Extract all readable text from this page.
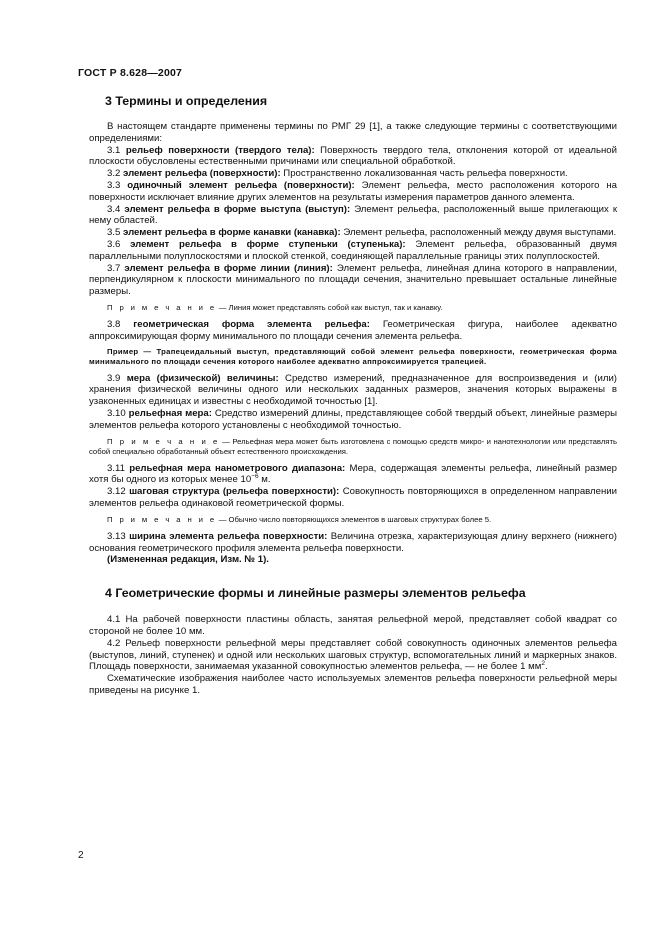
ГОСТ Р 8.628—2007
3 Термины и определения

В настоящем стандарте применены термины по РМГ 29 [1], а также следующие термины с соответствующими определениями:

3.1 рельеф поверхности (твердого тела): Поверхность твердого тела, отклонения которой от идеальной плоскости обусловлены естественными причинами или специальной обработкой.

3.2 элемент рельефа (поверхности): Пространственно локализованная часть рельефа поверхности.

3.3 одиночный элемент рельефа (поверхности): Элемент рельефа, место расположения которого на поверхности исключает влияние других элементов на результаты измерения параметров данного элемента.

3.4 элемент рельефа в форме выступа (выступ): Элемент рельефа, расположенный выше прилегающих к нему областей.

3.5 элемент рельефа в форме канавки (канавка): Элемент рельефа, расположенный между двумя выступами.

3.6 элемент рельефа в форме ступеньки (ступенька): Элемент рельефа, образованный двумя параллельными полуплоскостями и плоской стенкой, соединяющей параллельные границы этих полуплоскостей.

3.7 элемент рельефа в форме линии (линия): Элемент рельефа, линейная длина которого в направлении, перпендикулярном к плоскости минимального по площади сечения, значительно превышает остальные линейные размеры.

П р и м е ч а н и е — Линия может представлять собой как выступ, так и канавку.

3.8 геометрическая форма элемента рельефа: Геометрическая фигура, наиболее адекватно аппроксимирующая форму минимального по площади сечения элемента рельефа.

Пример — Трапецеидальный выступ, представляющий собой элемент рельефа поверхности, геометрическая форма минимального по площади сечения которого наиболее адекватно аппроксимируется трапецией.

3.9 мера (физической) величины: Средство измерений, предназначенное для воспроизведения и (или) хранения физической величины одного или нескольких заданных размеров, значения которых выражены в узаконенных единицах и известны с необходимой точностью [1].

3.10 рельефная мера: Средство измерений длины, представляющее собой твердый объект, линейные размеры элементов рельефа которого установлены с необходимой точностью.

П р и м е ч а н и е — Рельефная мера может быть изготовлена с помощью средств микро- и нанотехнологии или представлять собой специально обработанный объект естественного происхождения.

3.11 рельефная мера нанометрового диапазона: Мера, содержащая элементы рельефа, линейный размер хотя бы одного из которых менее $10^{-6}$ м.

3.12 шаговая структура (рельефа поверхности): Совокупность повторяющихся в определенном направлении элементов рельефа одинаковой геометрической формы.

П р и м е ч а н и е — Обычно число повторяющихся элементов в шаговых структурах более 5.

3.13 ширина элемента рельефа поверхности: Величина отрезка, характеризующая длину верхнего (нижнего) основания геометрического профиля элемента рельефа поверхности.

(Измененная редакция, Изм. № 1).

4 Геометрические формы и линейные размеры элементов рельефа

4.1 На рабочей поверхности пластины область, занятая рельефной мерой, представляет собой квадрат со стороной не более 10 мм.

4.2 Рельеф поверхности рельефной меры представляет собой совокупность одиночных элементов рельефа (выступов, линий, ступенек) и одной или нескольких шаговых структур, вспомогательных линий и маркерных знаков. Площадь поверхности, занимаемая указанной совокупностью элементов рельефа, — не более 1 $мм^2$.

Схематические изображения наиболее часто используемых элементов рельефа поверхности рельефной меры приведены на рисунке 1.

2
